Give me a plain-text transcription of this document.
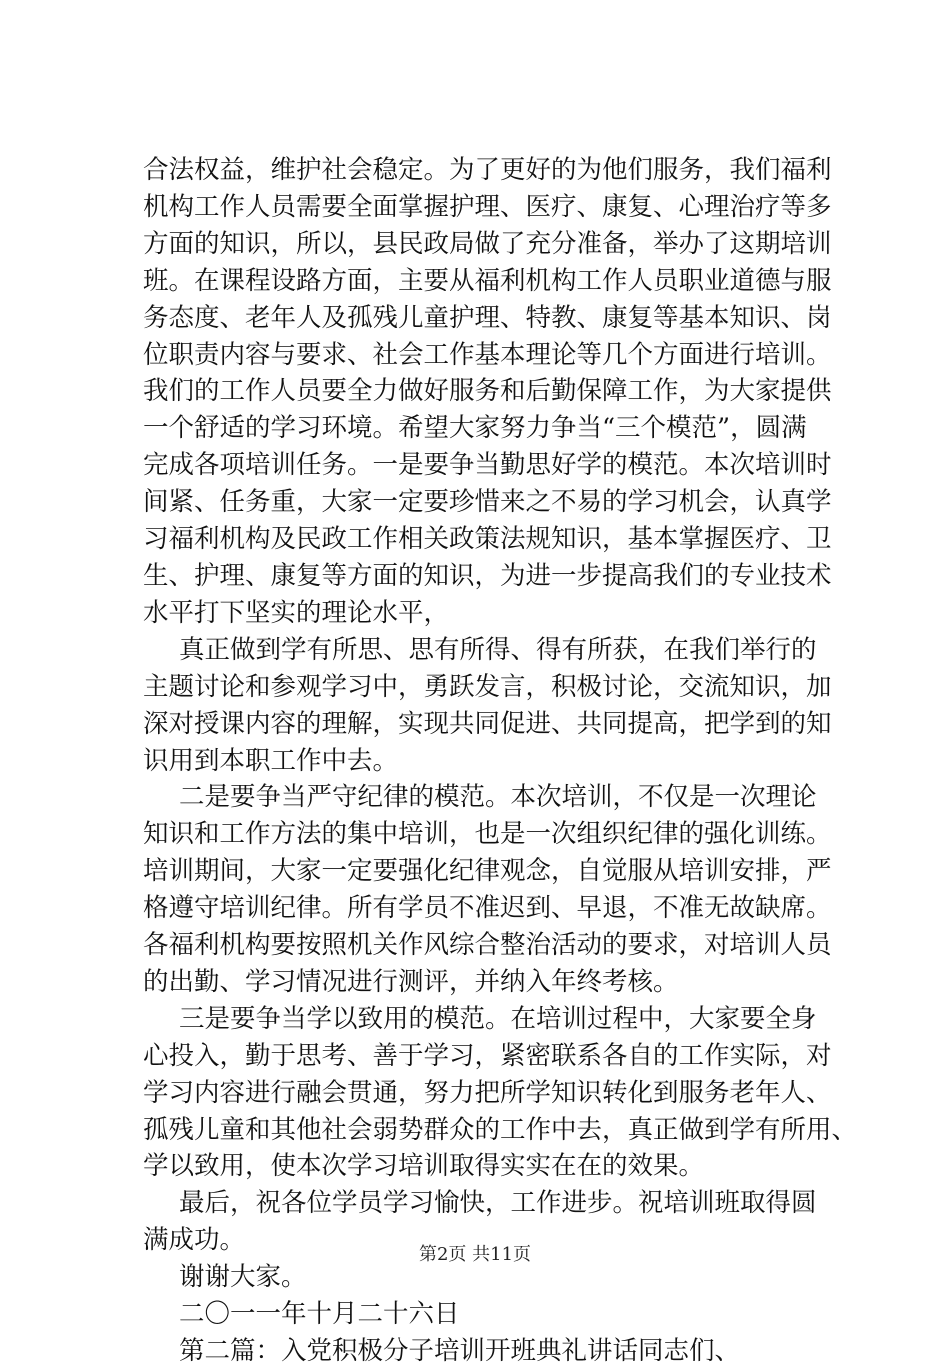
合法权益，维护社会稳定。为了更好的为他们服务，我们福利
机构工作人员需要全面掌握护理、医疗、康复、心理治疗等多
方面的知识，所以，县民政局做了充分准备，举办了这期培训
班。在课程设路方面，主要从福利机构工作人员职业道德与服
务态度、老年人及孤残儿童护理、特教、康复等基本知识、岗
位职责内容与要求、社会工作基本理论等几个方面进行培训。
我们的工作人员要全力做好服务和后勤保障工作，为大家提供
一个舒适的学习环境。希望大家努力争当“三个模范”，圆满
完成各项培训任务。一是要争当勤思好学的模范。本次培训时
间紧、任务重，大家一定要珍惜来之不易的学习机会，认真学
习福利机构及民政工作相关政策法规知识，基本掌握医疗、卫
生、护理、康复等方面的知识，为进一步提高我们的专业技术
水平打下坚实的理论水平，
真正做到学有所思、思有所得、得有所获，在我们举行的
主题讨论和参观学习中，勇跃发言，积极讨论，交流知识，加
深对授课内容的理解，实现共同促进、共同提高，把学到的知
识用到本职工作中去。
二是要争当严守纪律的模范。本次培训，不仅是一次理论
知识和工作方法的集中培训，也是一次组织纪律的强化训练。
培训期间，大家一定要强化纪律观念，自觉服从培训安排，严
格遵守培训纪律。所有学员不准迟到、早退，不准无故缺席。
各福利机构要按照机关作风综合整治活动的要求，对培训人员
的出勤、学习情况进行测评，并纳入年终考核。
三是要争当学以致用的模范。在培训过程中，大家要全身
心投入，勤于思考、善于学习，紧密联系各自的工作实际，对
学习内容进行融会贯通，努力把所学知识转化到服务老年人、
孤残儿童和其他社会弱势群众的工作中去，真正做到学有所用、
学以致用，使本次学习培训取得实实在在的效果。
最后，祝各位学员学习愉快，工作进步。祝培训班取得圆
满成功。
谢谢大家。
二〇一一年十月二十六日
第二篇：入党积极分子培训开班典礼讲话同志们、
第2页 共11页
